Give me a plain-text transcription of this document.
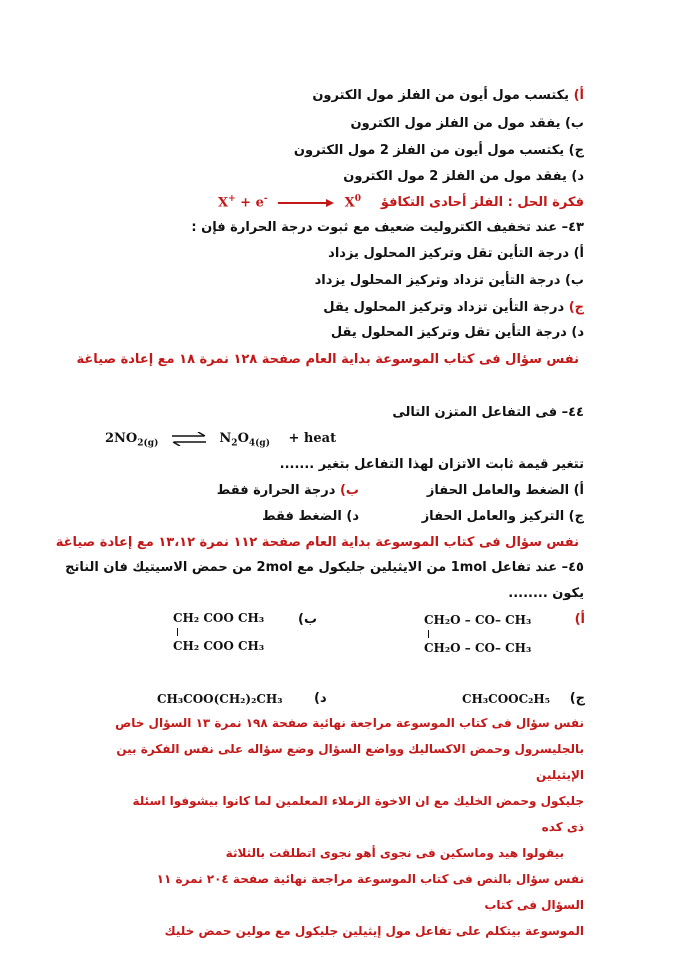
أ) يكتسب مول أيون من الفلز مول الكترون
ب) يفقد مول من الفلز مول الكترون
ج) يكتسب مول أيون من الفلز 2 مول الكترون
د) يفقد مول من الفلز 2 مول الكترون
فكرة الحل : الفلز أحادى التكافؤ
X+ + e-	$X^0$
٤٣– عند تخفيف الكتروليت ضعيف مع ثبوت درجة الحرارة فإن :
أ) درجة التأين تقل وتركيز المحلول يزداد
ب) درجة التأين تزداد وتركيز المحلول يزداد
ج) درجة التأين تزداد وتركيز المحلول يقل
د) درجة التأين تقل وتركيز المحلول يقل
نفس سؤال فى كتاب الموسوعة بداية العام صفحة ١٢٨ نمرة ١٨ مع إعادة صياغة
٤٤– فى التفاعل المتزن التالى
$2NO_{2(g)}$ ⇌ $N_2O_{4(g)}$ + heat
تتغير قيمة ثابت الاتزان لهذا التفاعل بتغير .......
أ) الضغط والعامل الحفاز
ب) درجة الحرارة فقط
ج) التركيز والعامل الحفاز
د) الضغط فقط
نفس سؤال فى كتاب الموسوعة بداية العام صفحة ١١٢ نمرة ١٣،١٢ مع إعادة صياغة
٤٥– عند تفاعل 1mol من الايثيلين جليكول مع 2mol من حمض الاسيتيك فان الناتج
يكون ........
أ)
CH₂O – CO– CH₃
CH₂O – CO– CH₃
ب)
CH₂ COO CH₃
CH₂ COO CH₃
ج)
CH₃COOC₂H₅
د)
CH₃COO(CH₂)₂CH₃
نفس سؤال فى كتاب الموسوعة مراجعة نهائية صفحة ١٩٨ نمرة ١٣ السؤال خاص
بالجليسرول وحمض الاكساليك وواضع السؤال وضع سؤاله على نفس الفكرة بين الإيثيلين
جليكول وحمض الخليك مع ان الاخوة الزملاء المعلمين لما كانوا بيشوفوا اسئلة ذى كده
بيقولوا هيد وماسكين فى نجوى أهو نجوى اتطلقت بالثلاثة
نفس سؤال بالنص فى كتاب الموسوعة مراجعة نهائية صفحة ٢٠٤ نمرة ١١ السؤال فى كتاب
الموسوعة بيتكلم على تفاعل مول إيثيلين جليكول مع مولين حمض خليك
